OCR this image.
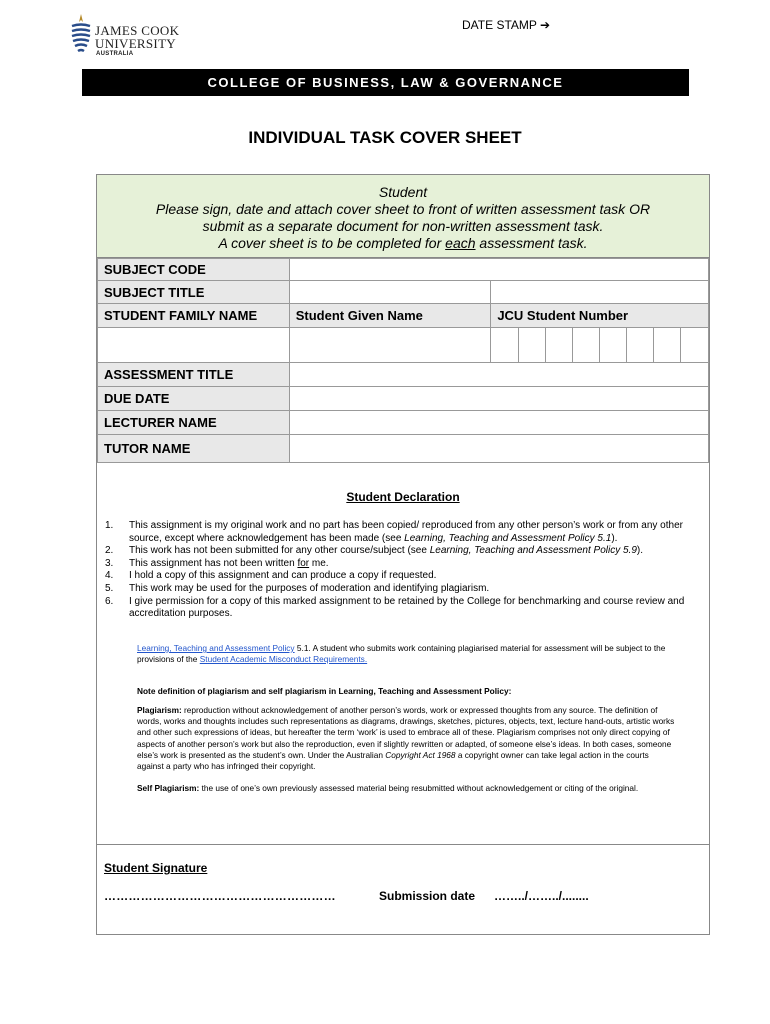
JAMES COOK
UNIVERSITY
AUSTRALIA
DATE STAMP ➔
COLLEGE OF BUSINESS, LAW & GOVERNANCE
INDIVIDUAL TASK COVER SHEET
Student
Please sign, date and attach cover sheet to front of written assessment task OR
submit as a separate document for non-written assessment task.
A cover sheet is to be completed for each assessment task.
SUBJECT CODE									
SUBJECT TITLE									
STUDENT FAMILY NAME	Student Given Name	JCU Student Number							

ASSESSMENT TITLE									
DUE DATE									
LECTURER NAME									
TUTOR NAME									
Student Declaration
1.	This assignment is my original work and no part has been copied/ reproduced from any other person’s work or from any other source, except where acknowledgement has been made (see Learning, Teaching and Assessment Policy 5.1).
2.	This work has not been submitted for any other course/subject (see Learning, Teaching and Assessment Policy 5.9).
3.	This assignment has not been written for me.
4.	I hold a copy of this assignment and can produce a copy if requested.
5.	This work may be used for the purposes of moderation and identifying plagiarism.
6.	I give permission for a copy of this marked assignment to be retained by the College for benchmarking and course review and accreditation purposes.
Learning, Teaching and Assessment Policy 5.1. A student who submits work containing plagiarised material for assessment will be subject to the provisions of the Student Academic Misconduct Requirements.
Note definition of plagiarism and self plagiarism in Learning, Teaching and Assessment Policy:
Plagiarism: reproduction without acknowledgement of another person’s words, work or expressed thoughts from any source. The definition of words, works and thoughts includes such representations as diagrams, drawings, sketches, pictures, objects, text, lecture hand-outs, artistic works and other such expressions of ideas, but hereafter the term ‘work’ is used to embrace all of these. Plagiarism comprises not only direct copying of aspects of another person’s work but also the reproduction, even if slightly rewritten or adapted, of someone else’s ideas. In both cases, someone else’s work is presented as the student’s own. Under the Australian Copyright Act 1968 a copyright owner can take legal action in the courts against a party who has infringed their copyright.
Self Plagiarism: the use of one’s own previously assessed material being resubmitted without acknowledgement or citing of the original.
Student Signature
…………………………………………………	Submission date ……../……../........
